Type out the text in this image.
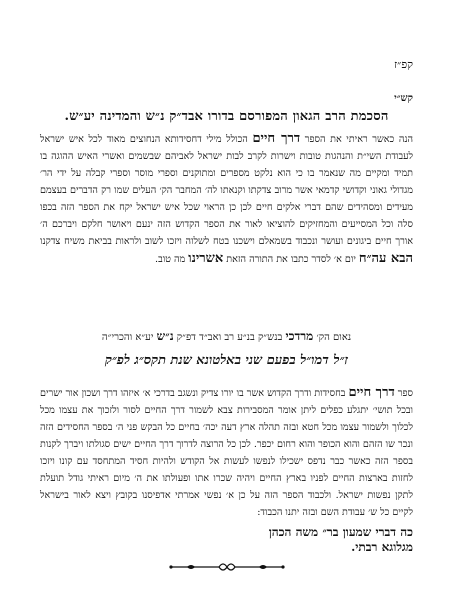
קפ״ז
קש״י
הסכמת הרב הגאון המפורסם בדורו אבד״ק נ״ש והמדינה יע״ש.

הנה כאשר ראיתי את הספר דרך חיים הכולל מילי דחסידותא הנחוצים מאוד לכל איש ישראל לעבודת השי״ת והנהגות טובות וישרות לקרב לבות ישראל לאביהם שבשמים ואשרי האיש ההוגה בו תמיד ומקיים מה שנאמר בו כי הוא נלקט מספרים ומתוקנים וספרי מוסר וספרי קבלה על ידי הר׳ מגדולי גאוני וקדושי קדמאי אשר מרוב צדקתו וקנאתו לה׳ המחבר הק׳ העלים שמו רק הדברים בעצמם מעידים ומסהידים שהם דברי אלקים חיים לכן כן הראוי שכל איש ישראל יקח את הספר הזה בכפו סלה וכל המסייעים והמחזיקים להוציאו לאור את הספר הקדוש הזה ינעם ויאושר חלקם ויברכם ה׳ אורך חיים ביגונים ועושר ונכבוד בשמאלם וישכנו בטח לשלוה ויזכו לשוב ולראות בביאת משיח צדקנו הבא עה״ח יום א׳ לסדר כתבו את התורה הזאת אשרינו מה טוב.

נאום הק׳ מרדכי בנש״ק בנ״ע רב ואב״ד דפ״ק נ״ש יע״א והכרי״ה
ז״ל דמו״ל בפעם שני באלטונא שנת תקס״ג לפ״ק
ספר דרך חיים בחסידות ודרך הקדוש אשר בו יורו צדיק ונשגב בדרכי א׳ איזהו דרך ושכון אור ישרים ובכל תושי׳ יתגלע כפלים ליתן אומר המסבירות צבא לשמור דרך החיים לסור ולזכוך את עצמו מכל לכלוך ולשמור עצמו מכל חטא ובזה תהלה ארץ דעה יכה׳ בחיים כל הבקש פני ה׳ בספר החסידים הזה ונכר שו הזהם והוא הכופר והוא רחום יכפר. לכן כל הרוצה לדרוך דרך החיים ישים סגולתו ויברך לקנות בספר הזה כאשר כבר נדפס ישכילו לנפשו לעשות אל הקודש ולהיות חסיד המתחסד עם קונו ויזכו לחזות בארצות החיים לפניו בארץ החיים ויהיה שכרו אתו ופעולתו את ה׳ מיום ראיתי גודל תועלת לתקן נפשות ישראל. ולכבוד הספר הזה על כן א׳ נפשי אמרתי אדפיסנו בקובץ ויצא לאור בישראל לקיים כל ש׳ עבודת השם ובזה יתנו הכבוד:
כה דברי שמעון בר״ משה הכהן
מגלוגא רבתי.
